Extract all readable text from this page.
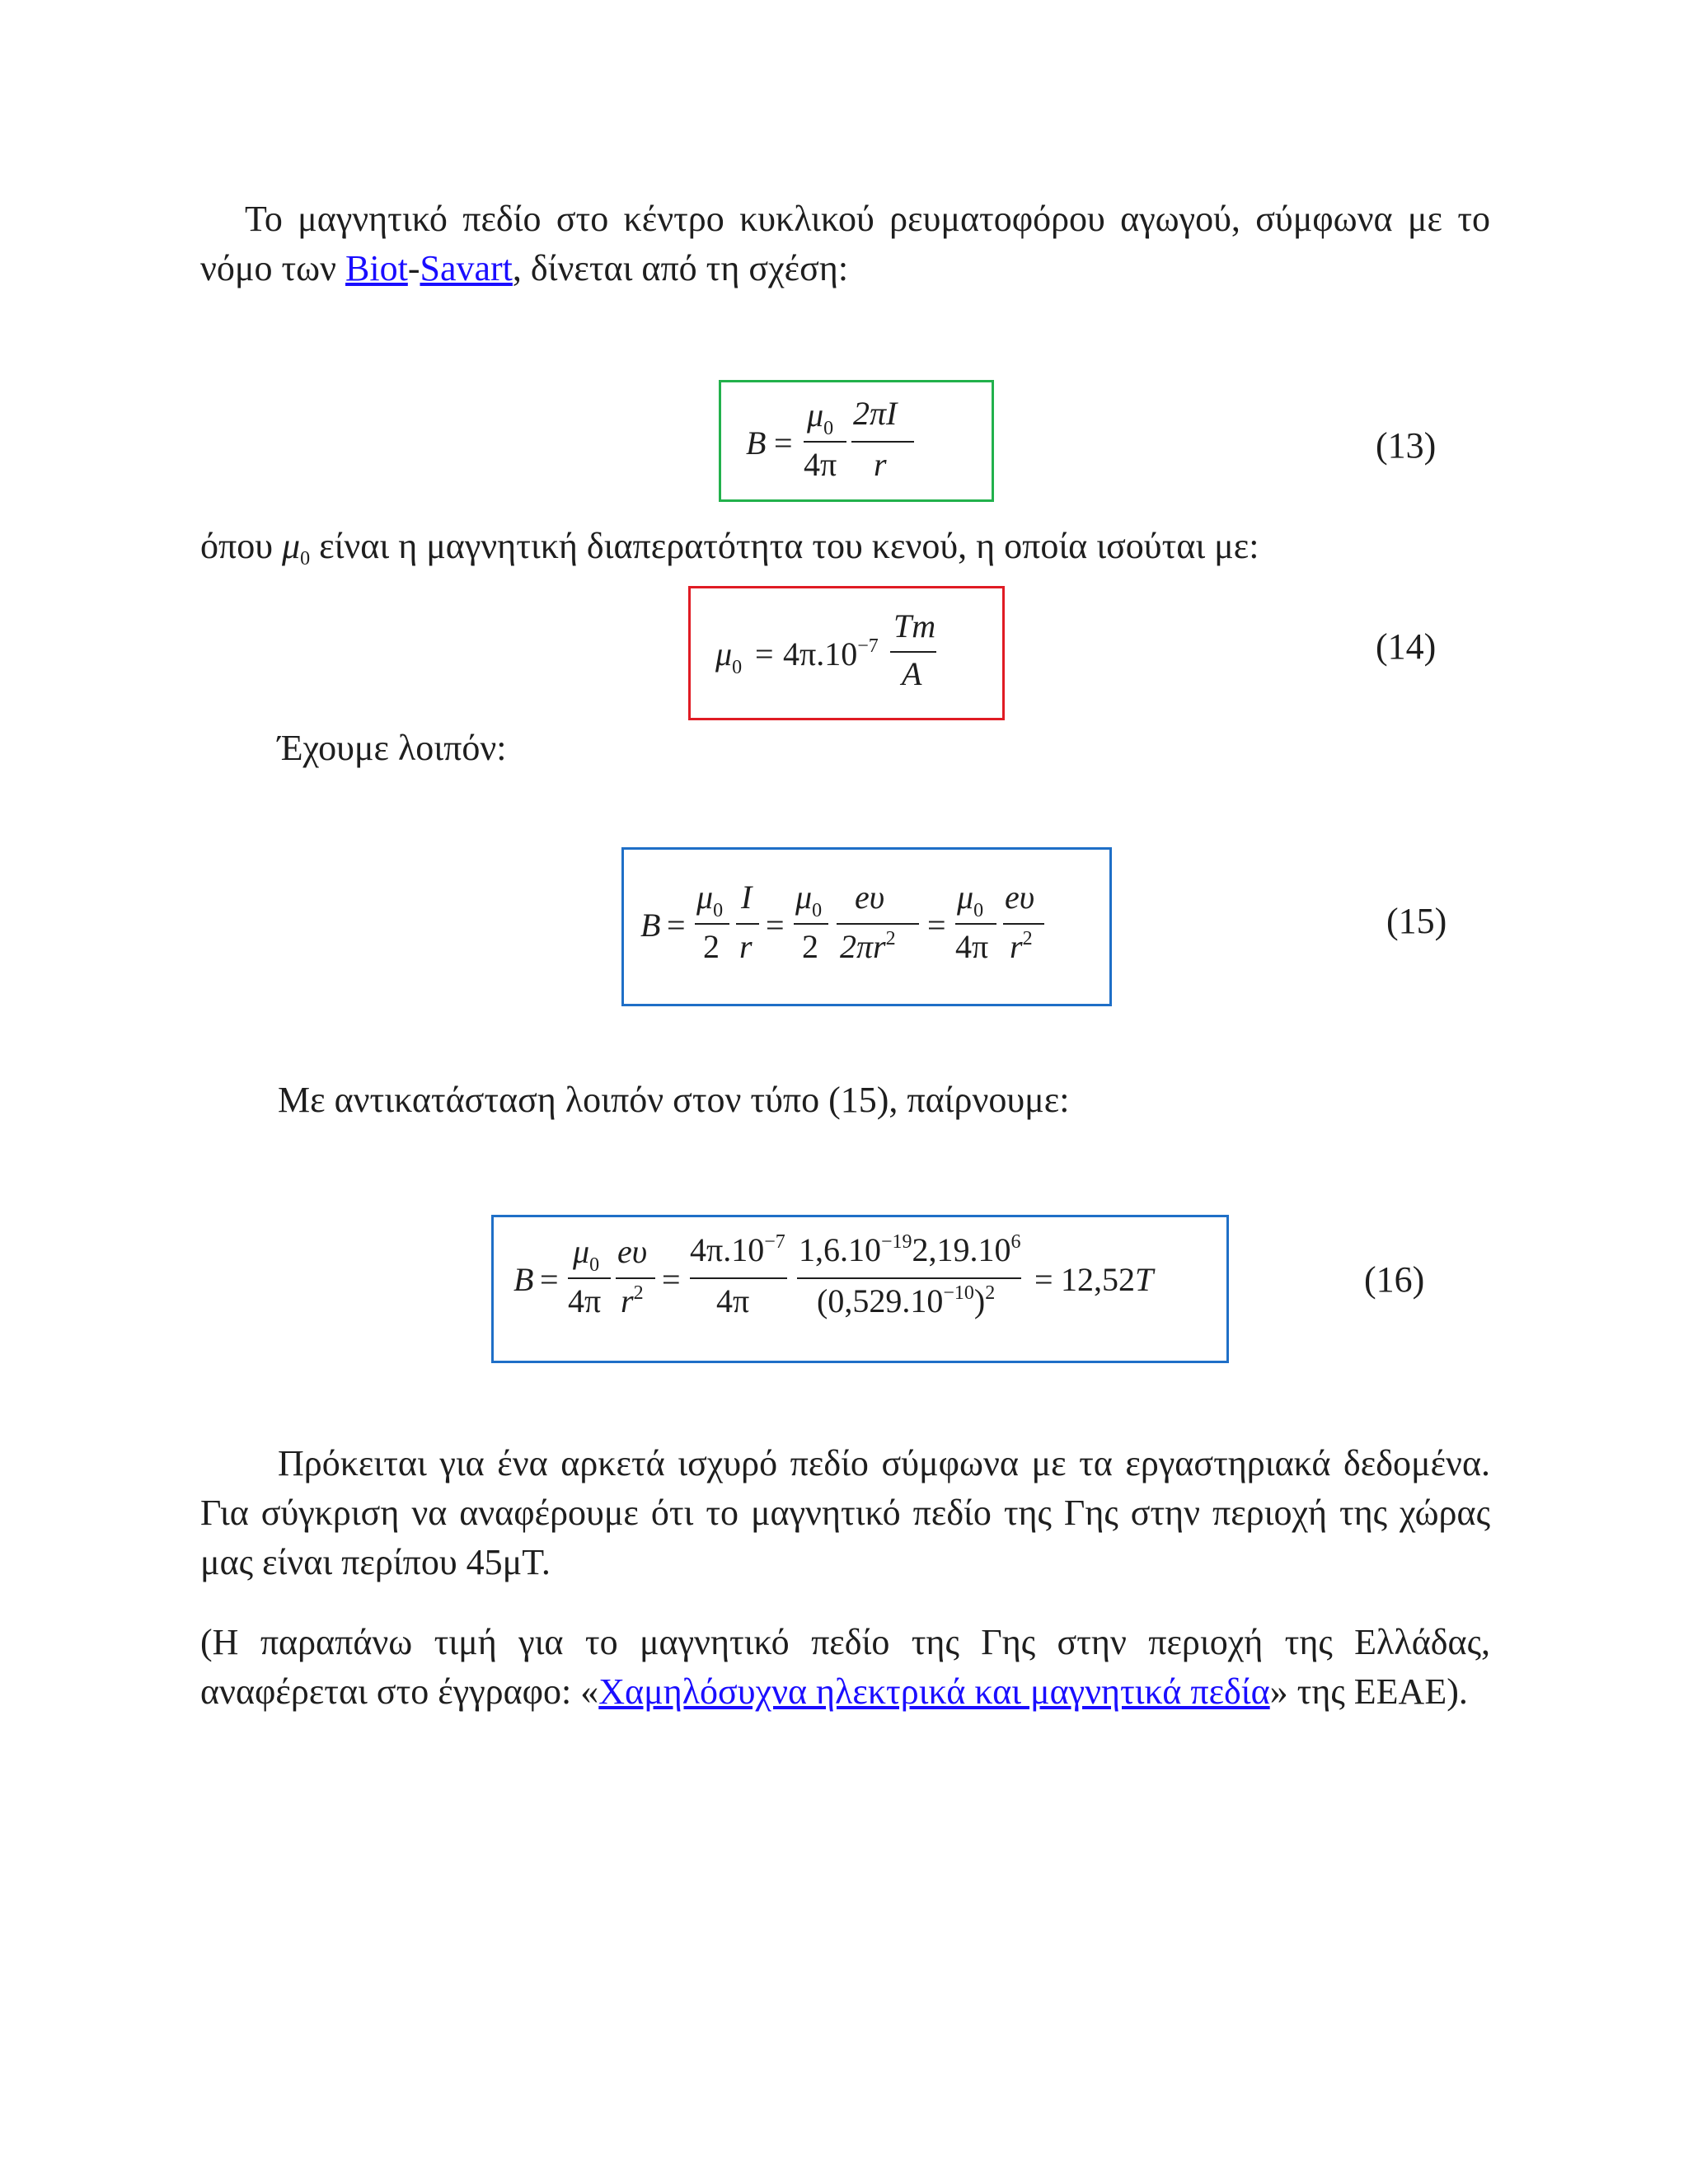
Το μαγνητικό πεδίο στο κέντρο κυκλικού ρευματοφόρου αγωγού, σύμφωνα με το νόμο των Biot-Savart, δίνεται από τη σχέση:

B =
$\mu_0$
4π
2πI
r	(13)

όπου μ0 είναι η μαγνητική διαπερατότητα του κενού, η οποία ισούται με:

$\mu_0 = 4\pi.10^{-7}$
Tm
A
(14)

Έχουμε λοιπόν:

B =
$\mu_0$
2
I
r
=
$\mu_0$
2
eυ
$2\pi r^2$ =
$\mu_0$
4π
eυ
$r^2$	(15)

Με αντικατάσταση λοιπόν στον τύπο (15), παίρνουμε:

B =
$\mu_0$
4π
eυ
$r^2$ =
$4\pi.10^{-7}$
4π
$1,6.10^{-19}2,19.10^6$
$(0,529.10^{-10})^2 = 12,52T$	(16)

Πρόκειται για ένα αρκετά ισχυρό πεδίο σύμφωνα με τα εργαστηριακά δεδομένα. Για σύγκριση να αναφέρουμε ότι το μαγνητικό πεδίο της Γης στην περιοχή της χώρας μας είναι περίπου 45μT.

(Η παραπάνω τιμή για το μαγνητικό πεδίο της Γης στην περιοχή της Ελλάδας, αναφέρεται στο έγγραφο: «Χαμηλόσυχνα ηλεκτρικά και μαγνητικά πεδία» της ΕΕΑΕ).
